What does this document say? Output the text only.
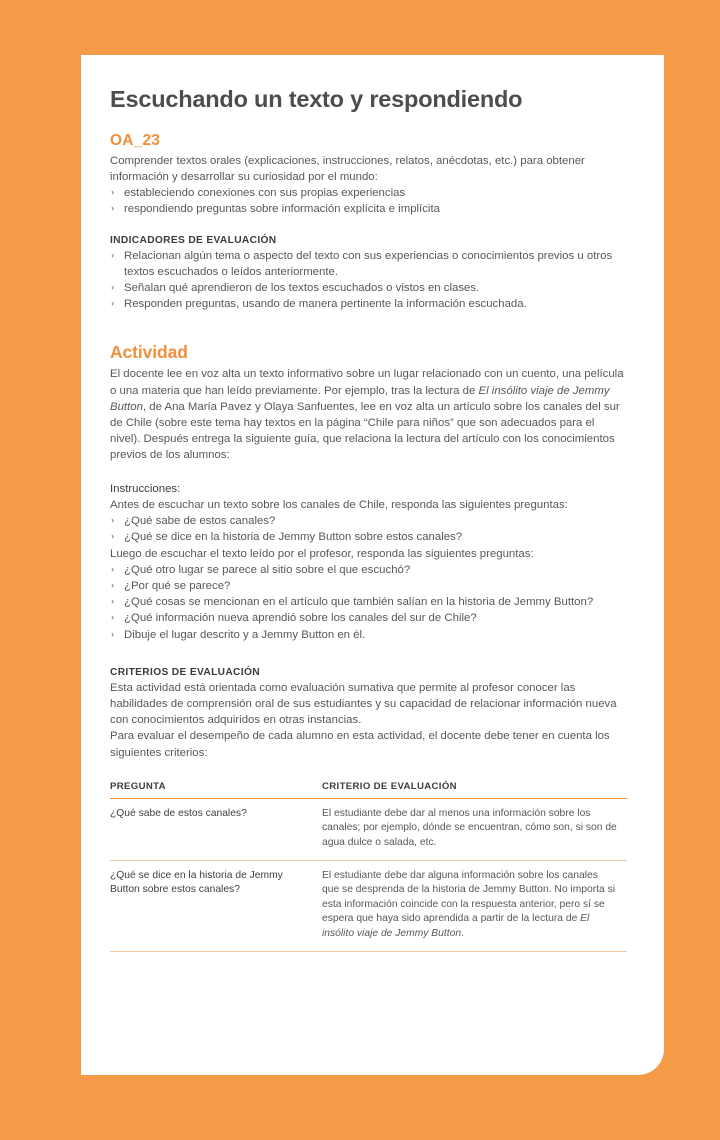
Escuchando un texto y respondiendo
OA_23

Comprender textos orales (explicaciones, instrucciones, relatos, anécdotas, etc.) para obtener información y desarrollar su curiosidad por el mundo:

› estableciendo conexiones con sus propias experiencias
› respondiendo preguntas sobre información explícita e implícita
INDICADORES DE EVALUACIÓN
› Relacionan algún tema o aspecto del texto con sus experiencias o conocimientos previos u otros textos escuchados o leídos anteriormente.
› Señalan qué aprendieron de los textos escuchados o vistos en clases.
› Responden preguntas, usando de manera pertinente la información escuchada.
Actividad

El docente lee en voz alta un texto informativo sobre un lugar relacionado con un cuento, una película o una materia que han leído previamente. Por ejemplo, tras la lectura de El insólito viaje de Jemmy Button, de Ana María Pavez y Olaya Sanfuentes, lee en voz alta un artículo sobre los canales del sur de Chile (sobre este tema hay textos en la página “Chile para niños” que son adecuados para el nivel). Después entrega la siguiente guía, que relaciona la lectura del artículo con los conocimientos previos de los alumnos:

Instrucciones:

Antes de escuchar un texto sobre los canales de Chile, responda las siguientes preguntas:

› ¿Qué sabe de estos canales?
› ¿Qué se dice en la historia de Jemmy Button sobre estos canales?

Luego de escuchar el texto leído por el profesor, responda las siguientes preguntas:

› ¿Qué otro lugar se parece al sitio sobre el que escuchó?
› ¿Por qué se parece?
› ¿Qué cosas se mencionan en el artículo que también salían en la historia de Jemmy Button?
› ¿Qué información nueva aprendió sobre los canales del sur de Chile?
› Dibuje el lugar descrito y a Jemmy Button en él.
CRITERIOS DE EVALUACIÓN

Esta actividad está orientada como evaluación sumativa que permite al profesor conocer las habilidades de comprensión oral de sus estudiantes y su capacidad de relacionar información nueva con conocimientos adquiridos en otras instancias.

Para evaluar el desempeño de cada alumno en esta actividad, el docente debe tener en cuenta los siguientes criterios:

PREGUNTA	CRITERIO DE EVALUACIÓN
¿Qué sabe de estos canales?	El estudiante debe dar al menos una información sobre los canales; por ejemplo, dónde se encuentran, cómo son, si son de agua dulce o salada, etc.
¿Qué se dice en la historia de Jemmy Button sobre estos canales?	El estudiante debe dar alguna información sobre los canales que se desprenda de la historia de Jemmy Button. No importa si esta información coincide con la respuesta anterior, pero sí se espera que haya sido aprendida a partir de la lectura de El insólito viaje de Jemmy Button.
